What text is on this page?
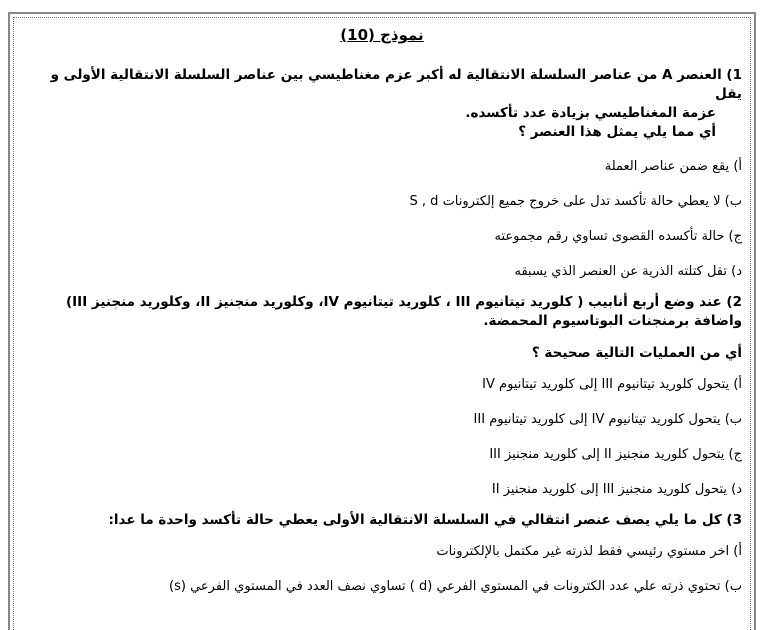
نموذج (10)
1) العنصر A من عناصر السلسلة الانتقالية له أكبر عزم مغناطيسي بين عناصر السلسلة الانتقالية الأولى و يقل
عزمة المغناطيسي بزيادة عدد تأكسده.
أي مما يلي يمثل هذا العنصر ؟

أ) يقع ضمن عناصر العملة

ب) لا يعطي حالة تأكسد تدل على خروج جميع إلكترونات S , d

ج) حالة تأكسده القصوى تساوي رقم مجموعته

د) تقل كتلته الذرية عن العنصر الذي يسبقه

2) عند وضع أربع أنابيب ( كلوريد تيتانيوم III ، كلوريد تيتانيوم IV، وكلوريد منجنيز II، وكلوريد منجنيز III)
واضافة برمنجنات البوتاسيوم المحمضة.

أي من العمليات التالية صحيحة ؟

أ) يتحول كلوريد تيتانيوم III إلى كلوريد تيتانيوم IV

ب) يتحول كلوريد تيتانيوم IV إلى كلوريد تيتانيوم III

ج) يتحول كلوريد منجنيز II إلى كلوريد منجنيز III

د) يتحول كلوريد منجنيز III إلى كلوريد منجنيز II

3) كل ما يلي يصف عنصر انتقالي في السلسلة الانتقالية الأولى يعطي حالة تأكسد واحدة ما عدا:

أ) اخر مستوي رئيسي فقط لذرته غير مكتمل بالإلكترونات

ب) تحتوي ذرته علي عدد الكترونات في المستوي الفرعي (d ) تساوي نصف العدد في المستوي الفرعي (s)
